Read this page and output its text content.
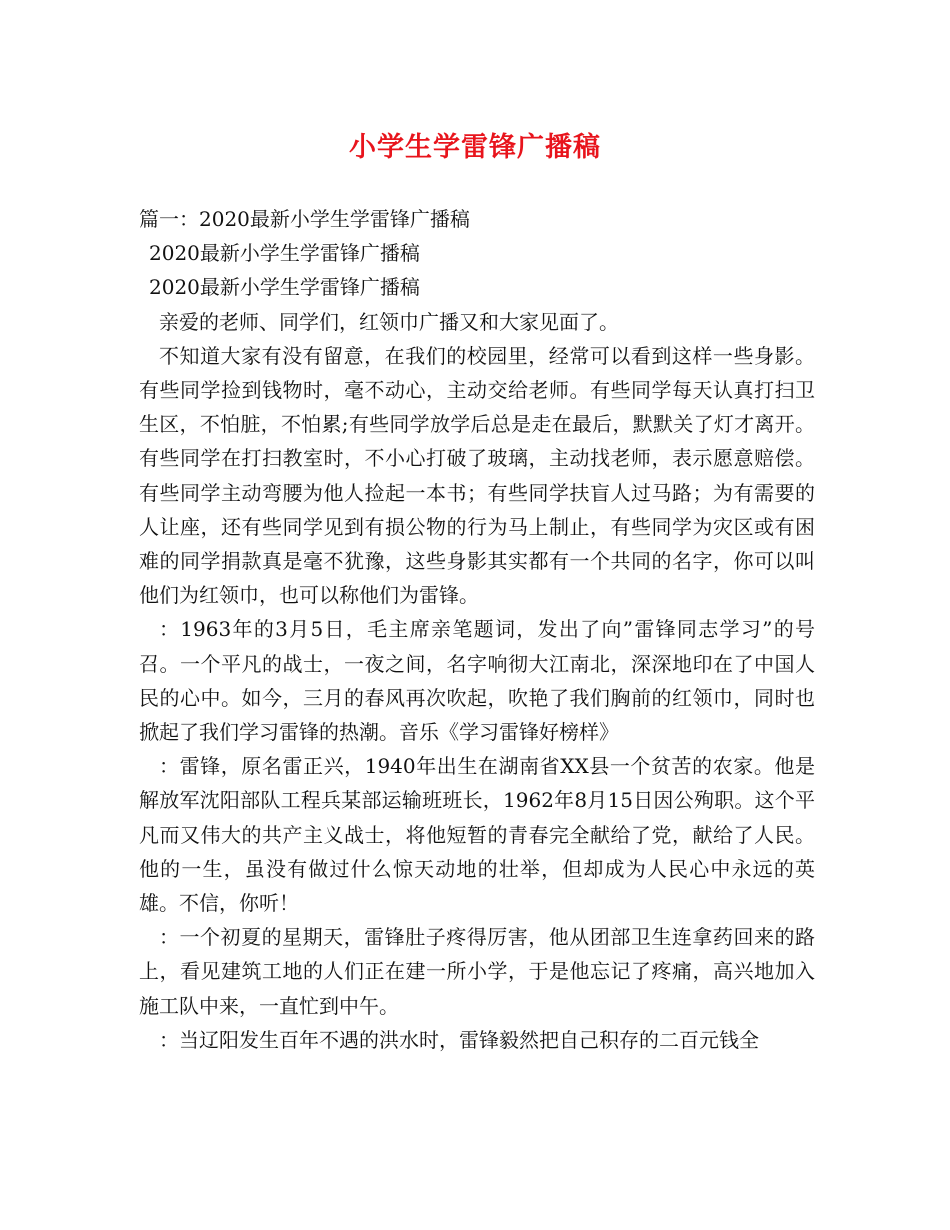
小学生学雷锋广播稿

篇一：2020最新小学生学雷锋广播稿

2020最新小学生学雷锋广播稿

2020最新小学生学雷锋广播稿

亲爱的老师、同学们，红领巾广播又和大家见面了。

不知道大家有没有留意，在我们的校园里，经常可以看到这样一些身影。有些同学捡到钱物时，毫不动心，主动交给老师。有些同学每天认真打扫卫生区，不怕脏，不怕累;有些同学放学后总是走在最后，默默关了灯才离开。有些同学在打扫教室时，不小心打破了玻璃，主动找老师，表示愿意赔偿。有些同学主动弯腰为他人捡起一本书；有些同学扶盲人过马路；为有需要的人让座，还有些同学见到有损公物的行为马上制止，有些同学为灾区或有困难的同学捐款真是毫不犹豫，这些身影其实都有一个共同的名字，你可以叫他们为红领巾，也可以称他们为雷锋。

：1963年的3月5日，毛主席亲笔题词，发出了向”雷锋同志学习”的号召。一个平凡的战士，一夜之间，名字响彻大江南北，深深地印在了中国人民的心中。如今，三月的春风再次吹起，吹艳了我们胸前的红领巾，同时也掀起了我们学习雷锋的热潮。音乐《学习雷锋好榜样》

：雷锋，原名雷正兴，1940年出生在湖南省XX县一个贫苦的农家。他是解放军沈阳部队工程兵某部运输班班长，1962年8月15日因公殉职。这个平凡而又伟大的共产主义战士，将他短暂的青春完全献给了党，献给了人民。他的一生，虽没有做过什么惊天动地的壮举，但却成为人民心中永远的英雄。不信，你听！

：一个初夏的星期天，雷锋肚子疼得厉害，他从团部卫生连拿药回来的路上，看见建筑工地的人们正在建一所小学，于是他忘记了疼痛，高兴地加入施工队中来，一直忙到中午。

：当辽阳发生百年不遇的洪水时，雷锋毅然把自己积存的二百元钱全
